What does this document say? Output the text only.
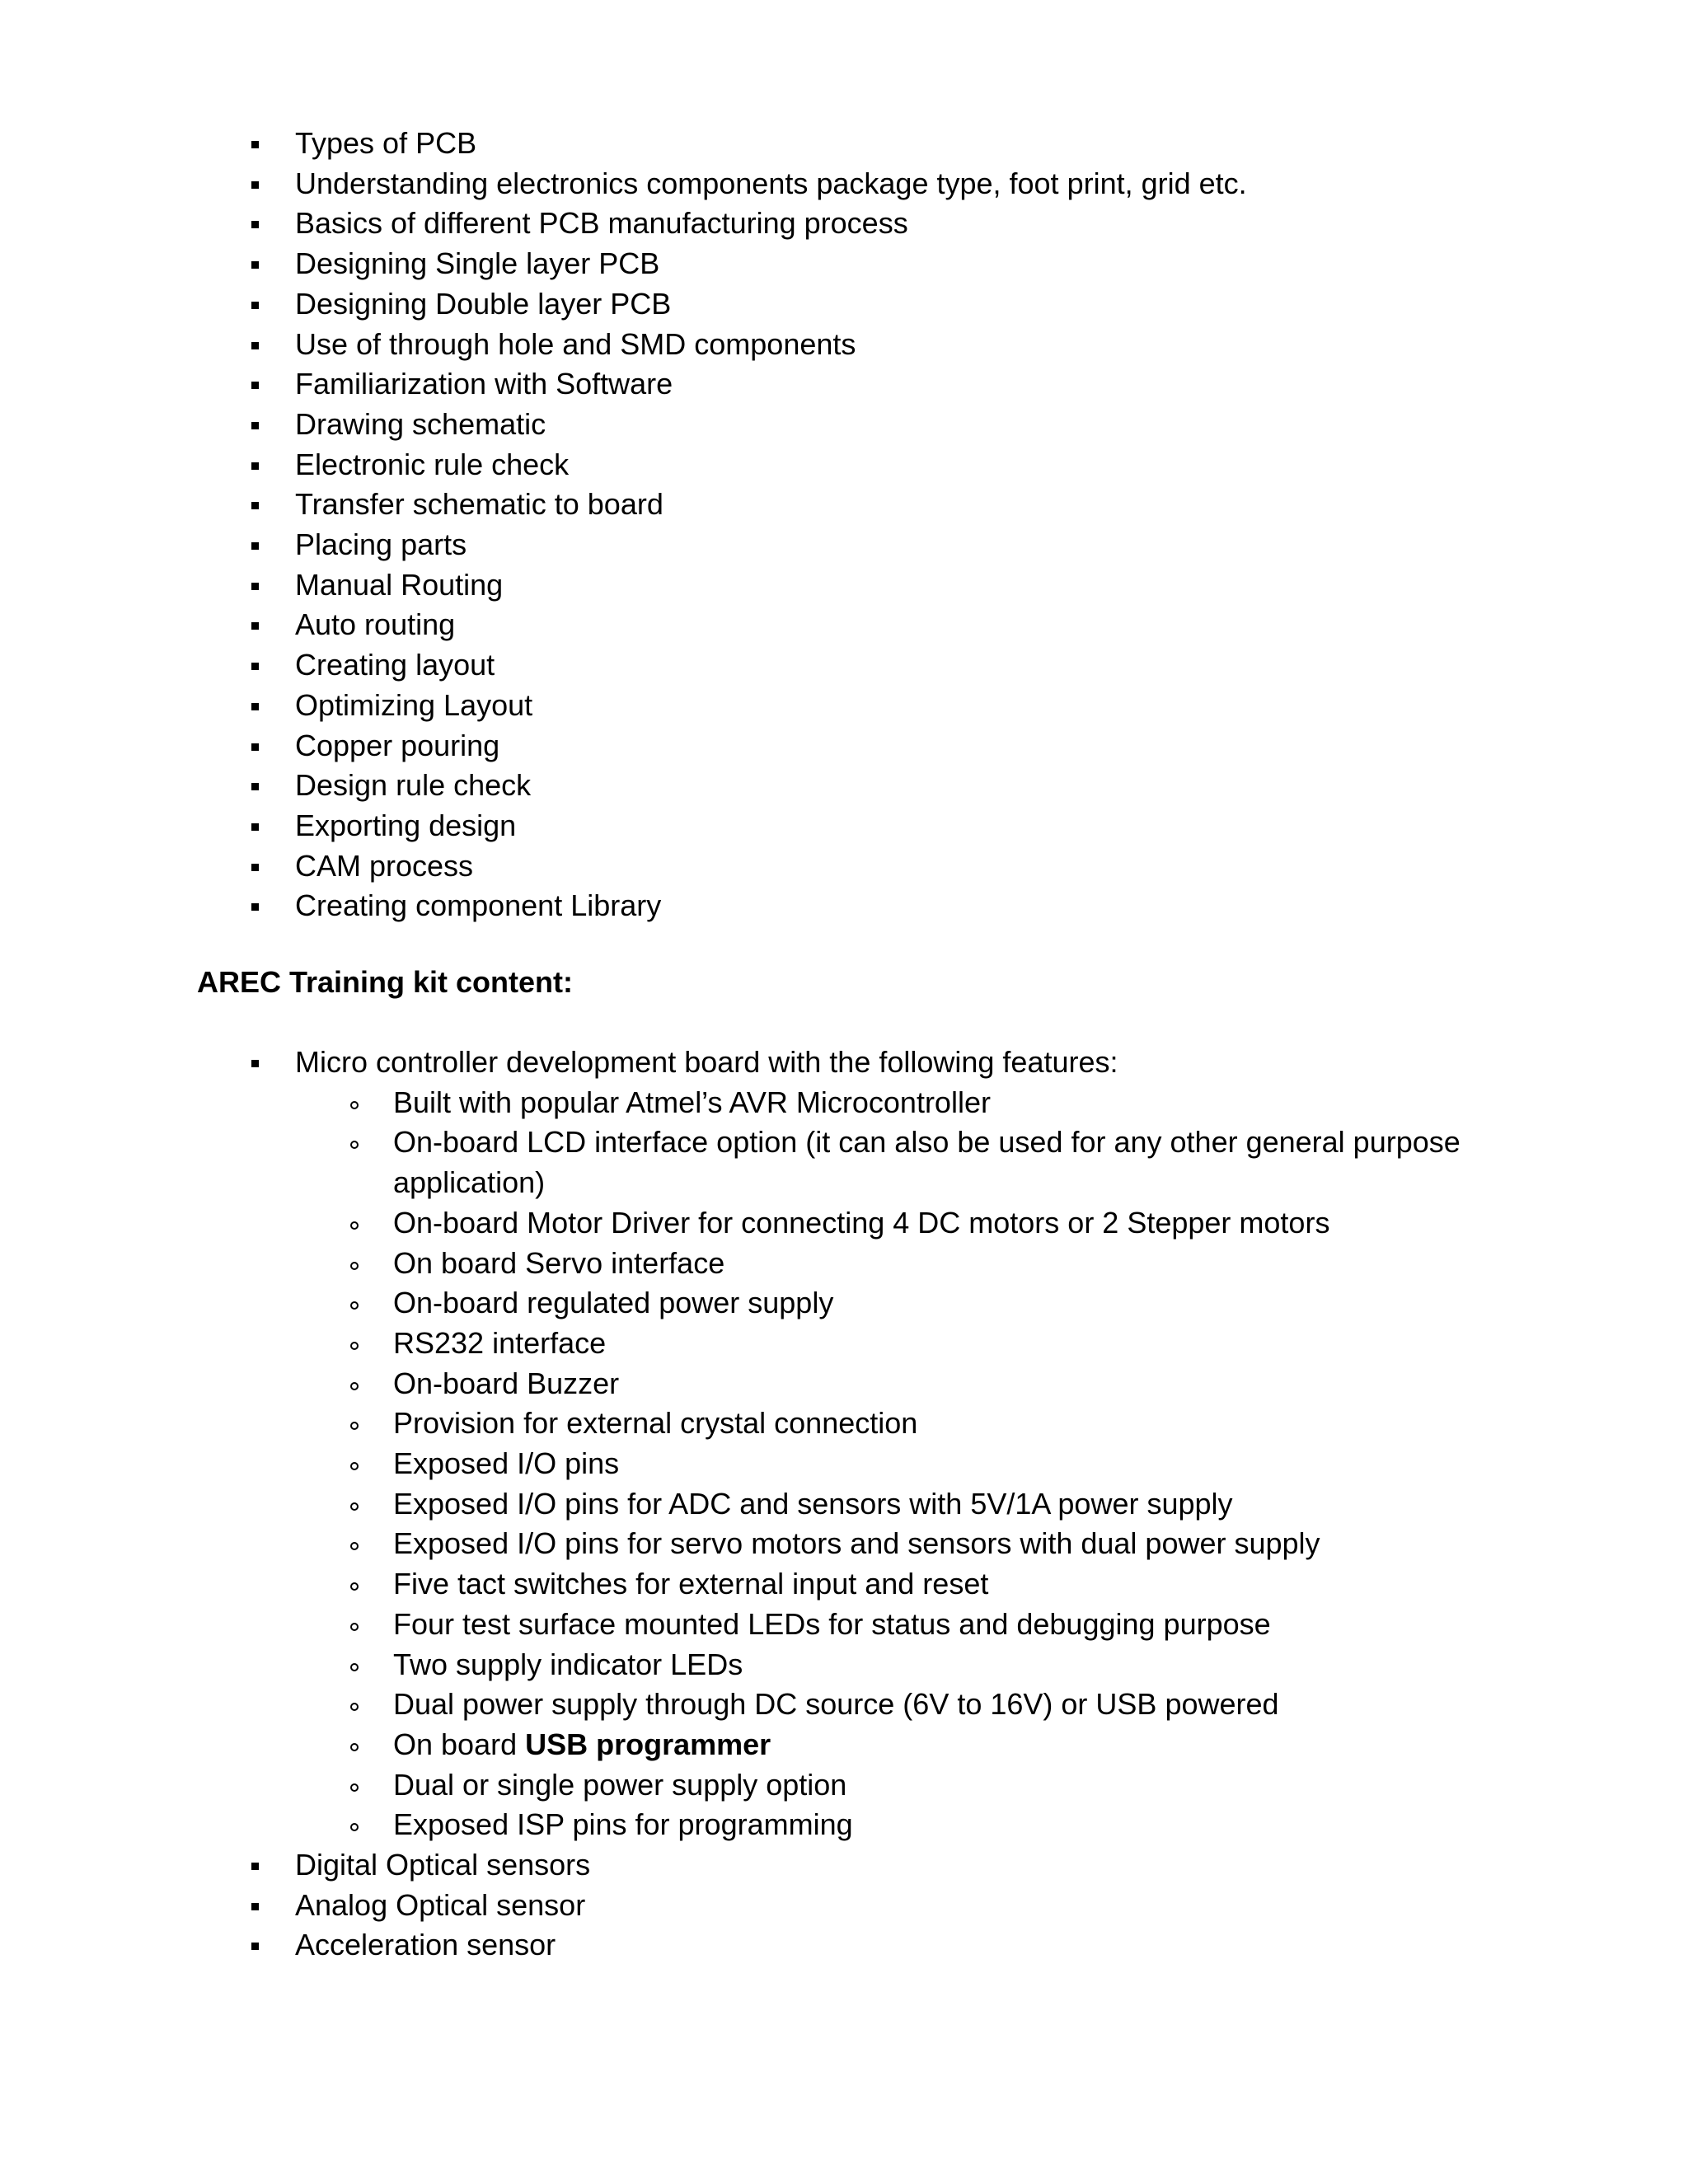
Types of PCB
Understanding electronics components package type, foot print, grid etc.
Basics of different PCB manufacturing process
Designing Single layer PCB
Designing Double layer PCB
Use of through hole and SMD components
Familiarization with Software
Drawing schematic
Electronic rule check
Transfer schematic to board
Placing parts
Manual Routing
Auto routing
Creating layout
Optimizing Layout
Copper pouring
Design rule check
Exporting design
CAM process
Creating component Library
AREC Training kit content:
Micro controller development board with the following features:
Built with popular Atmel’s AVR Microcontroller
On-board LCD interface option (it can also be used for any other general purpose application)
On-board Motor Driver for connecting 4 DC motors or 2 Stepper motors
On board Servo interface
On-board regulated power supply
RS232 interface
On-board Buzzer
Provision for external crystal connection
Exposed I/O pins
Exposed I/O pins for ADC and sensors with 5V/1A power supply
Exposed I/O pins for servo motors and sensors with dual power supply
Five tact switches for external input and reset
Four test surface mounted LEDs for status and debugging purpose
Two supply indicator LEDs
Dual power supply through DC source (6V to 16V) or USB powered
On board USB programmer
Dual or single power supply option
Exposed ISP pins for programming
Digital Optical sensors
Analog Optical sensor
Acceleration sensor
